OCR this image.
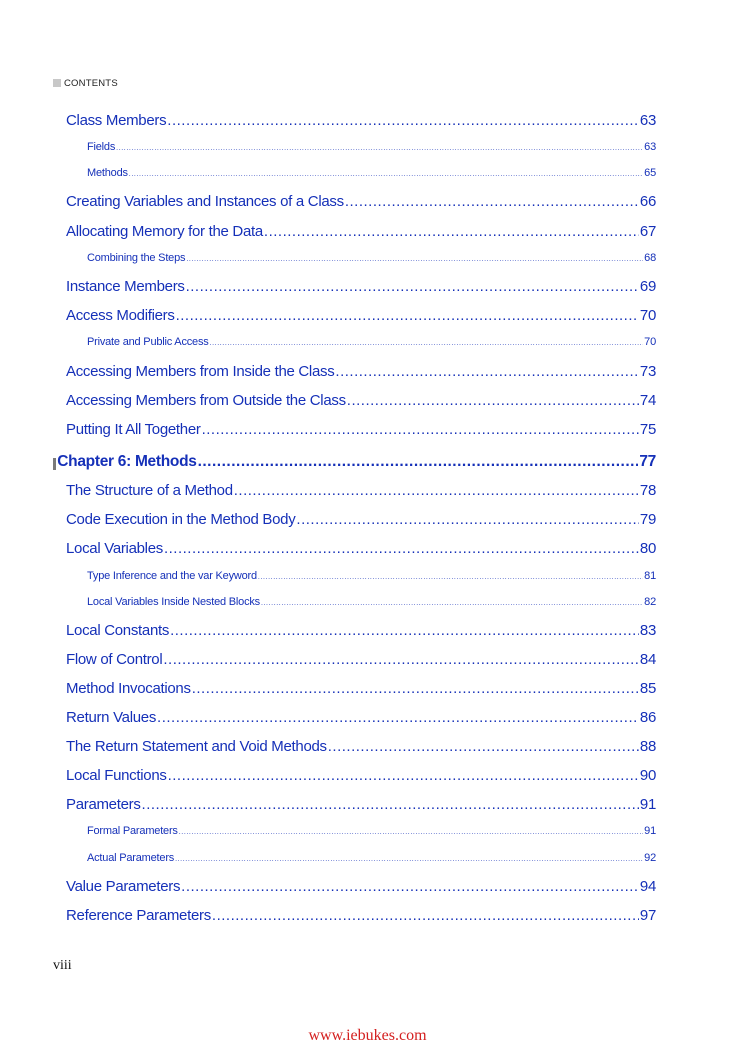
CONTENTS
Class Members .....	63
Fields .....	63
Methods .....	65
Creating Variables and Instances of a Class .....	66
Allocating Memory for the Data .....	67
Combining the Steps .....	68
Instance Members .....	69
Access Modifiers .....	70
Private and Public Access .....	70
Accessing Members from Inside the Class .....	73
Accessing Members from Outside the Class .....	74
Putting It All Together .....	75
Chapter 6: Methods .....	77
The Structure of a Method .....	78
Code Execution in the Method Body .....	79
Local Variables .....	80
Type Inference and the var Keyword .....	81
Local Variables Inside Nested Blocks .....	82
Local Constants .....	83
Flow of Control .....	84
Method Invocations .....	85
Return Values .....	86
The Return Statement and Void Methods .....	88
Local Functions .....	90
Parameters .....	91
Formal Parameters .....	91
Actual Parameters .....	92
Value Parameters .....	94
Reference Parameters .....	97
viii
www.iebukes.com
